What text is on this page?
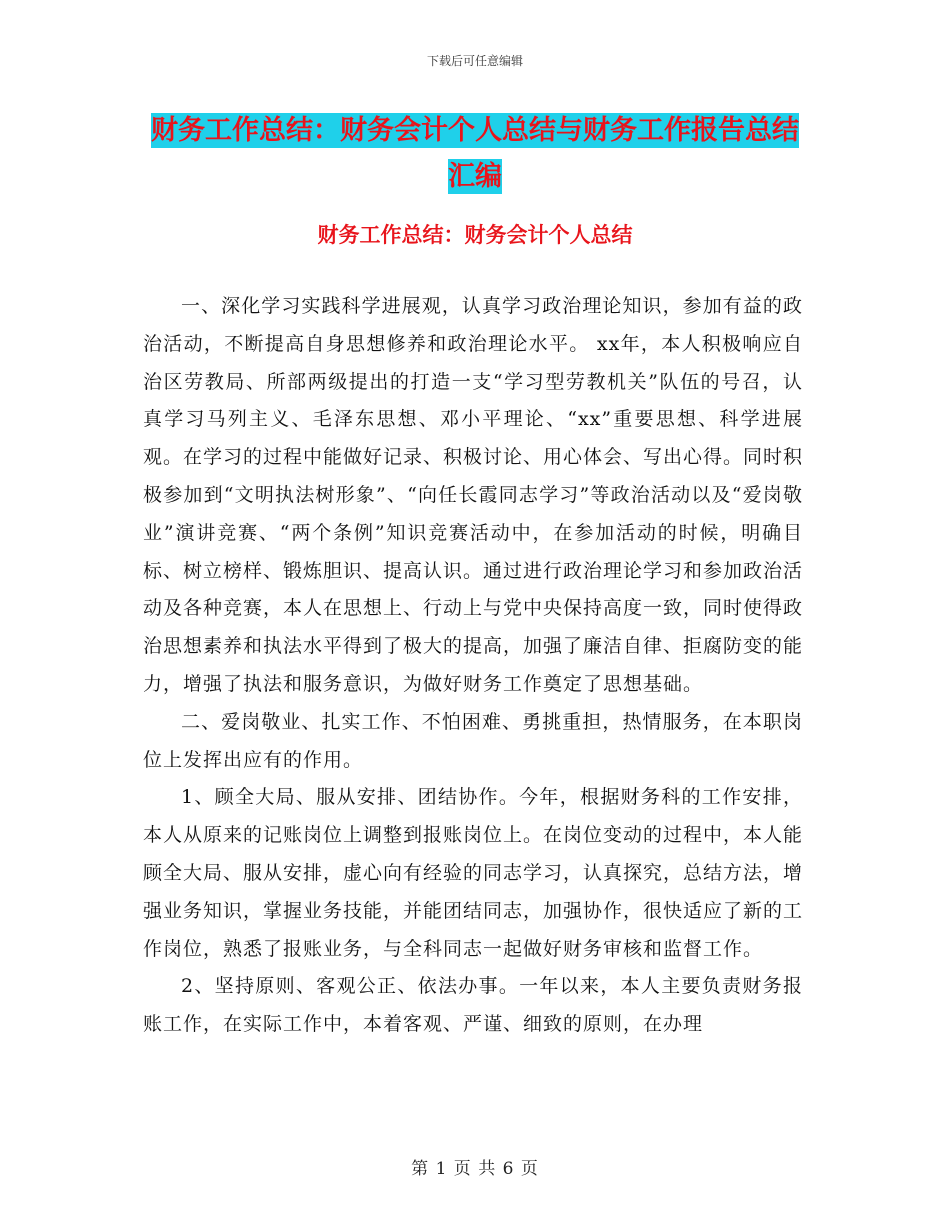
下载后可任意编辑
财务工作总结：财务会计个人总结与财务工作报告总结汇编
财务工作总结：财务会计个人总结

一、深化学习实践科学进展观，认真学习政治理论知识，参加有益的政治活动，不断提高自身思想修养和政治理论水平。 xx年，本人积极响应自治区劳教局、所部两级提出的打造一支“学习型劳教机关”队伍的号召，认真学习马列主义、毛泽东思想、邓小平理论、“xx”重要思想、科学进展观。在学习的过程中能做好记录、积极讨论、用心体会、写出心得。同时积极参加到“文明执法树形象”、“向任长霞同志学习”等政治活动以及“爱岗敬业”演讲竞赛、“两个条例”知识竞赛活动中，在参加活动的时候，明确目标、树立榜样、锻炼胆识、提高认识。通过进行政治理论学习和参加政治活动及各种竞赛，本人在思想上、行动上与党中央保持高度一致，同时使得政治思想素养和执法水平得到了极大的提高，加强了廉洁自律、拒腐防变的能力，增强了执法和服务意识，为做好财务工作奠定了思想基础。

二、爱岗敬业、扎实工作、不怕困难、勇挑重担，热情服务，在本职岗位上发挥出应有的作用。

1、顾全大局、服从安排、团结协作。今年，根据财务科的工作安排，本人从原来的记账岗位上调整到报账岗位上。在岗位变动的过程中，本人能顾全大局、服从安排，虚心向有经验的同志学习，认真探究，总结方法，增强业务知识，掌握业务技能，并能团结同志，加强协作，很快适应了新的工作岗位，熟悉了报账业务，与全科同志一起做好财务审核和监督工作。

2、坚持原则、客观公正、依法办事。一年以来，本人主要负责财务报账工作，在实际工作中，本着客观、严谨、细致的原则，在办理

第 1 页 共 6 页
